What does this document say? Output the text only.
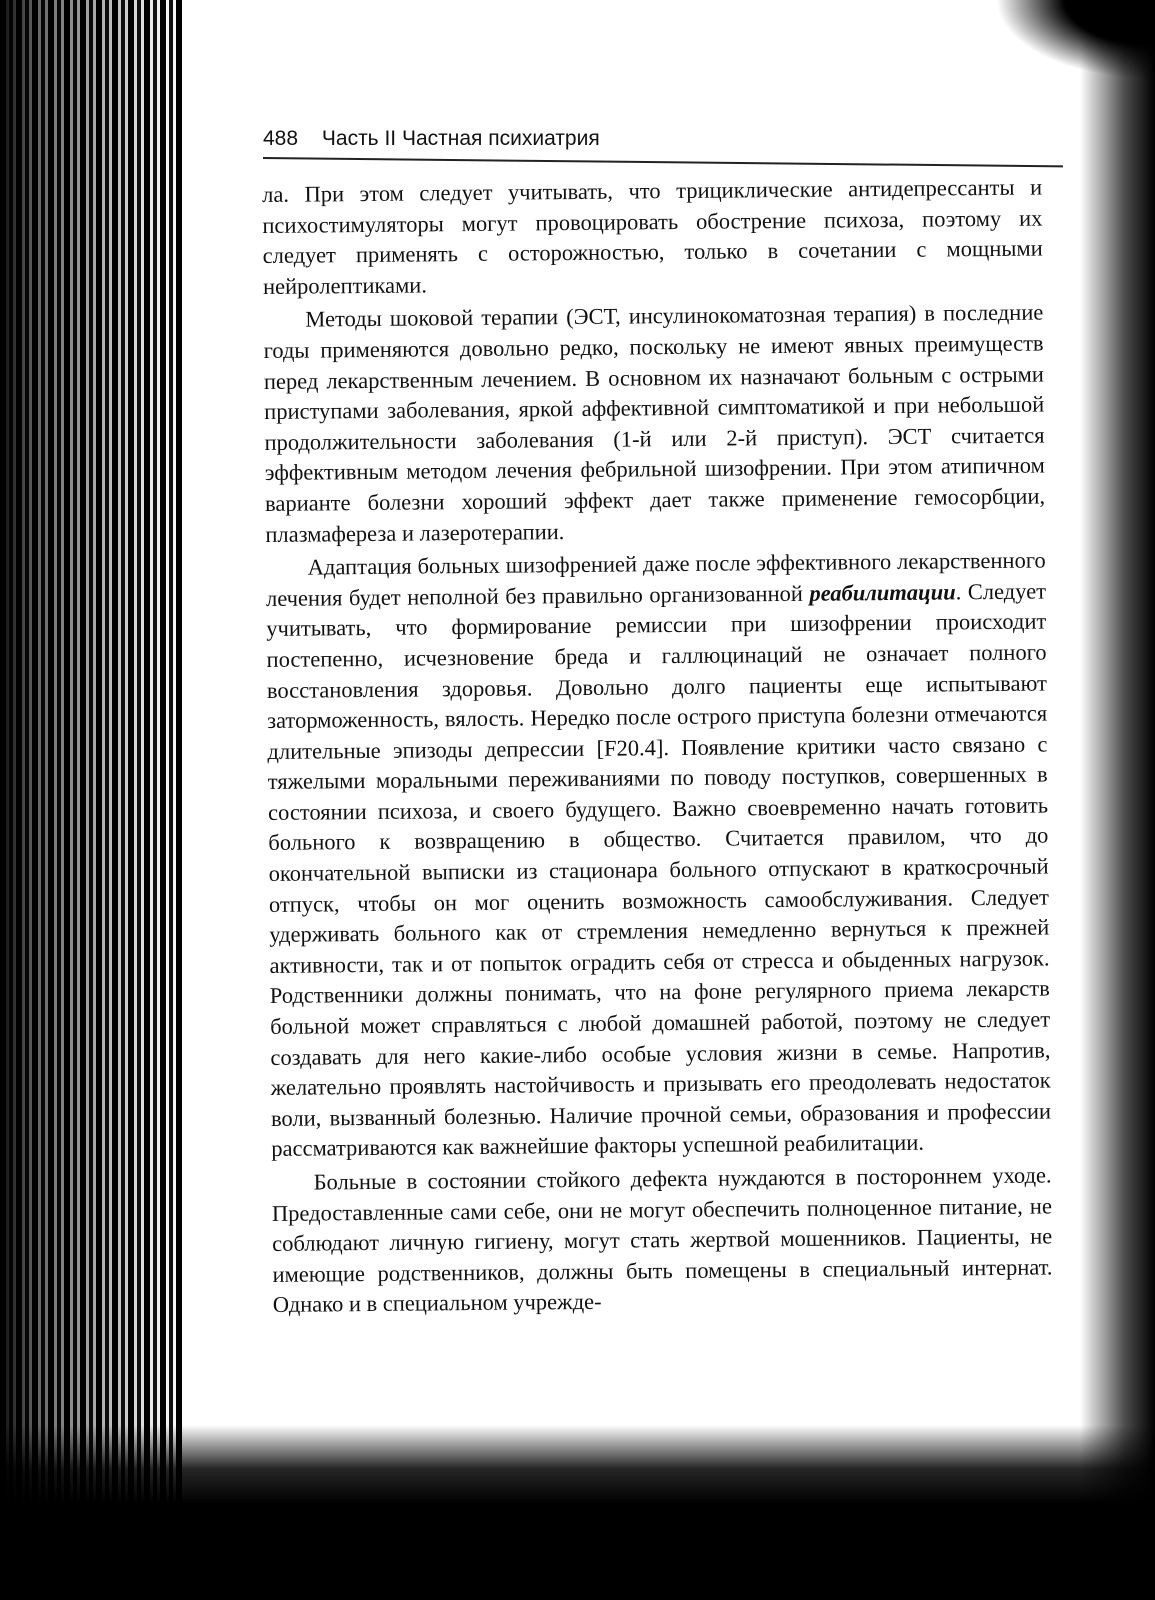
488 Часть II Частная психиатрия

ла. При этом следует учитывать, что трициклические антидепрессанты и психостимуляторы могут провоцировать обострение психоза, поэтому их следует применять с осторожностью, только в сочетании с мощными нейролептиками.

Методы шоковой терапии (ЭСТ, инсулинокоматозная терапия) в последние годы применяются довольно редко, поскольку не имеют явных преимуществ перед лекарственным лечением. В основном их назначают больным с острыми приступами заболевания, яркой аффективной симптоматикой и при небольшой продолжительности заболевания (1-й или 2-й приступ). ЭСТ считается эффективным методом лечения фебрильной шизофрении. При этом атипичном варианте болезни хороший эффект дает также применение гемосорбции, плазмафереза и лазеротерапии.

Адаптация больных шизофренией даже после эффективного лекарственного лечения будет неполной без правильно организованной реабилитации. Следует учитывать, что формирование ремиссии при шизофрении происходит постепенно, исчезновение бреда и галлюцинаций не означает полного восстановления здоровья. Довольно долго пациенты еще испытывают заторможенность, вялость. Нередко после острого приступа болезни отмечаются длительные эпизоды депрессии [F20.4]. Появление критики часто связано с тяжелыми моральными переживаниями по поводу поступков, совершенных в состоянии психоза, и своего будущего. Важно своевременно начать готовить больного к возвращению в общество. Считается правилом, что до окончательной выписки из стационара больного отпускают в краткосрочный отпуск, чтобы он мог оценить возможность самообслуживания. Следует удерживать больного как от стремления немедленно вернуться к прежней активности, так и от попыток оградить себя от стресса и обыденных нагрузок. Родственники должны понимать, что на фоне регулярного приема лекарств больной может справляться с любой домашней работой, поэтому не следует создавать для него какие-либо особые условия жизни в семье. Напротив, желательно проявлять настойчивость и призывать его преодолевать недостаток воли, вызванный болезнью. Наличие прочной семьи, образования и профессии рассматриваются как важнейшие факторы успешной реабилитации.

Больные в состоянии стойкого дефекта нуждаются в постороннем уходе. Предоставленные сами себе, они не могут обеспечить полноценное питание, не соблюдают личную гигиену, могут стать жертвой мошенников. Пациенты, не имеющие родственников, должны быть помещены в специальный интернат. Однако и в специальном учрежде-
